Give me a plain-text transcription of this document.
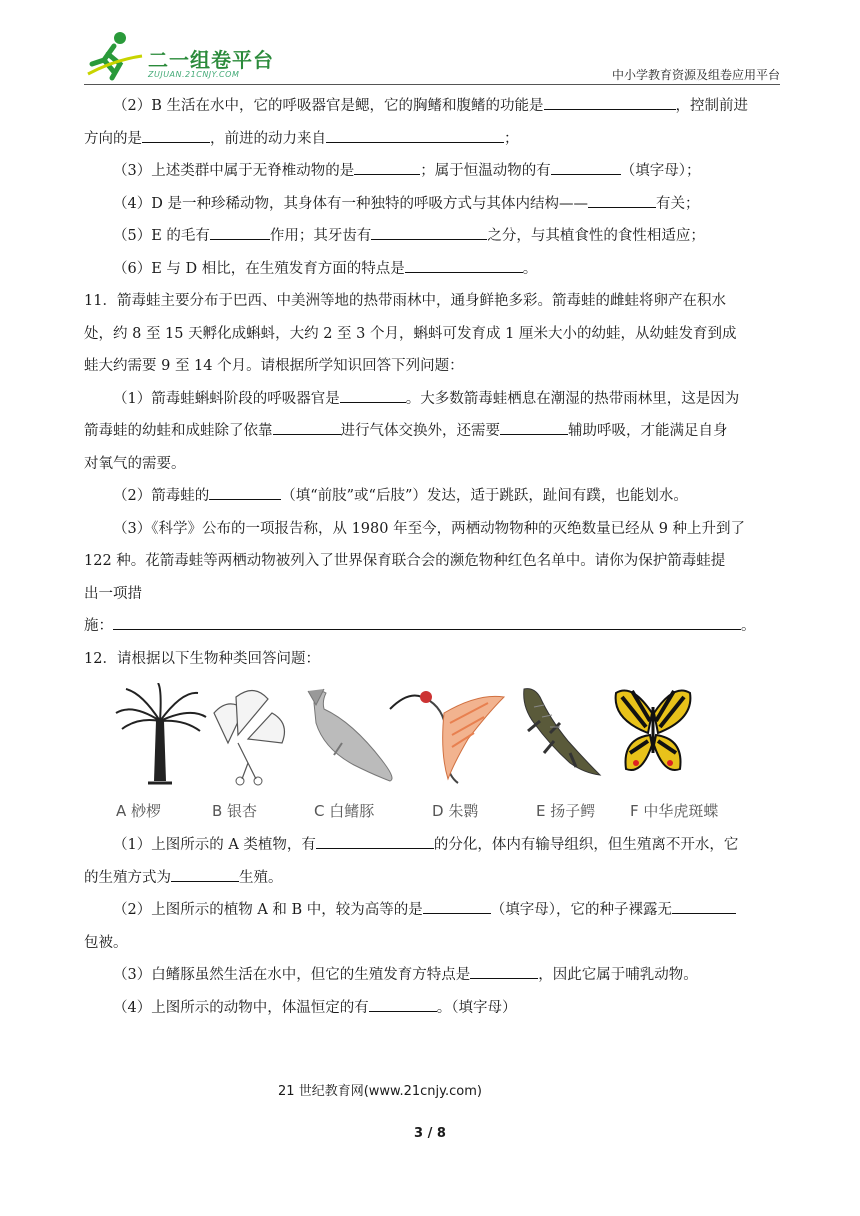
二一组卷平台
ZUJUAN.21CNJY.COM	中小学教育资源及组卷应用平台

（2）B 生活在水中，它的呼吸器官是鳃，它的胸鳍和腹鳍的功能是	，控制前进

方向的是	，前进的动力来自	；

（3）上述类群中属于无脊椎动物的是	；属于恒温动物的有	（填字母）；

（4）D 是一种珍稀动物，其身体有一种独特的呼吸方式与其体内结构——	有关；

（5）E 的毛有	作用；其牙齿有	之分，与其植食性的食性相适应；

（6）E 与 D 相比，在生殖发育方面的特点是	。

11．箭毒蛙主要分布于巴西、中美洲等地的热带雨林中，通身鲜艳多彩。箭毒蛙的雌蛙将卵产在积水

处，约 8 至 15 天孵化成蝌蚪，大约 2 至 3 个月，蝌蚪可发育成 1 厘米大小的幼蛙，从幼蛙发育到成

蛙大约需要 9 至 14 个月。请根据所学知识回答下列问题：

（1）箭毒蛙蝌蚪阶段的呼吸器官是	。大多数箭毒蛙栖息在潮湿的热带雨林里，这是因为

箭毒蛙的幼蛙和成蛙除了依靠	进行气体交换外，还需要	辅助呼吸，才能满足自身

对氧气的需要。

（2）箭毒蛙的	（填“前肢”或“后肢”）发达，适于跳跃，趾间有蹼，也能划水。

（3）《科学》公布的一项报告称，从 1980 年至今，两栖动物物种的灭绝数量已经从 9 种上升到了

122 种。花箭毒蛙等两栖动物被列入了世界保育联合会的濒危物种红色名单中。请你为保护箭毒蛙提

出一项措

施：	。

12．请根据以下生物种类回答问题：

A 桫椤	B 银杏	C 白鳍豚	D 朱鹮	E 扬子鳄 F 中华虎斑蝶

（1）上图所示的 A 类植物，有	的分化，体内有输导组织，但生殖离不开水，它

的生殖方式为	生殖。

（2）上图所示的植物 A 和 B 中，较为高等的是	（填字母），它的种子裸露无

包被。

（3）白鳍豚虽然生活在水中，但它的生殖发育方特点是	，因此它属于哺乳动物。

（4）上图所示的动物中，体温恒定的有	。（填字母）

21 世纪教育网(www.21cnjy.com)
3 / 8
